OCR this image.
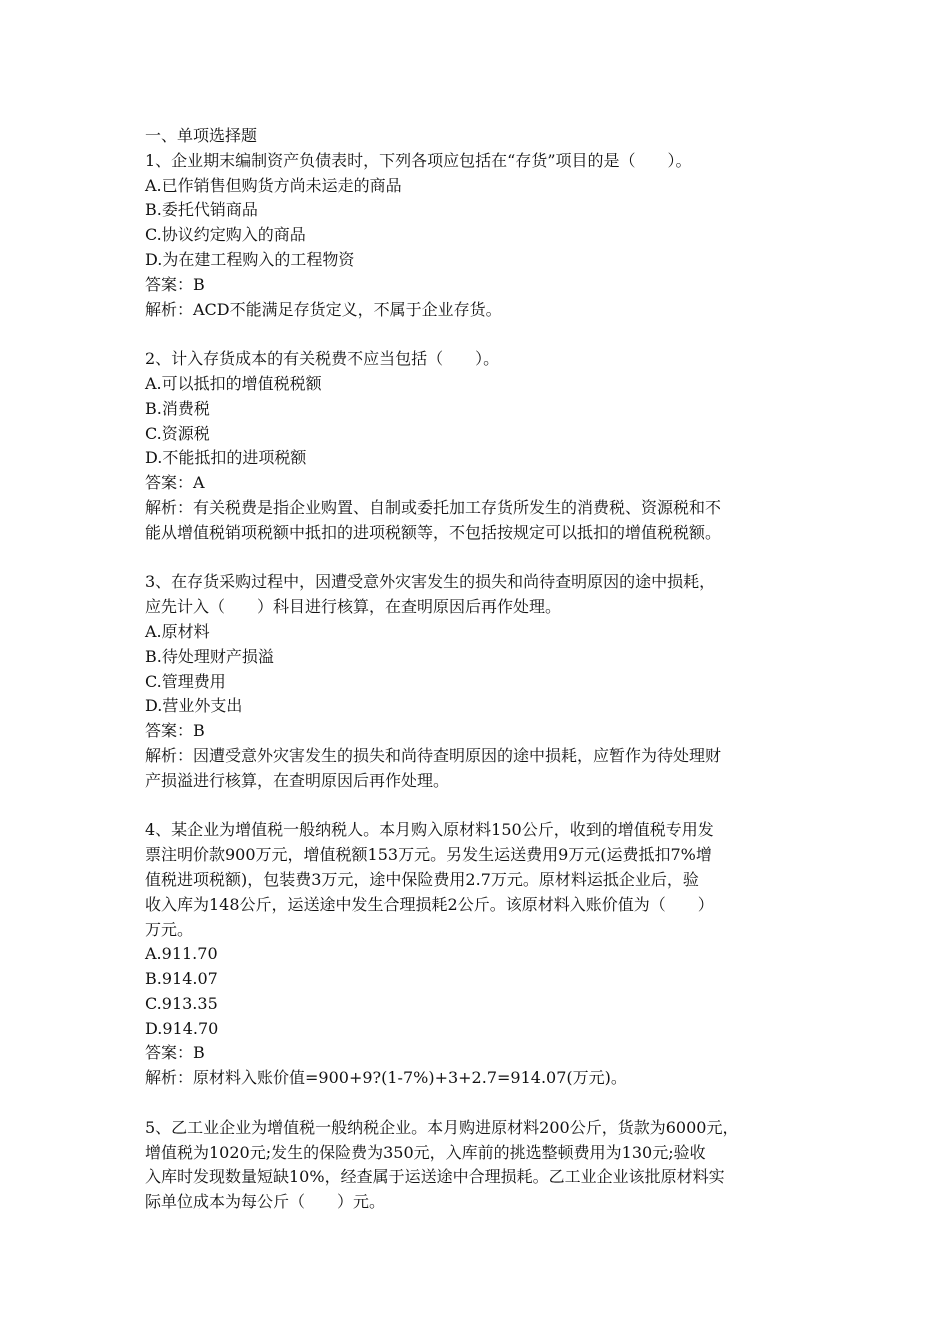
一、单项选择题
1、企业期末编制资产负债表时，下列各项应包括在“存货”项目的是（　　）。
A.已作销售但购货方尚未运走的商品
B.委托代销商品
C.协议约定购入的商品
D.为在建工程购入的工程物资
答案：B
解析：ACD不能满足存货定义，不属于企业存货。
2、计入存货成本的有关税费不应当包括（　　）。
A.可以抵扣的增值税税额
B.消费税
C.资源税
D.不能抵扣的进项税额
答案：A
解析：有关税费是指企业购置、自制或委托加工存货所发生的消费税、资源税和不
能从增值税销项税额中抵扣的进项税额等，不包括按规定可以抵扣的增值税税额。
3、在存货采购过程中，因遭受意外灾害发生的损失和尚待查明原因的途中损耗，
应先计入（　　）科目进行核算，在查明原因后再作处理。
A.原材料
B.待处理财产损溢
C.管理费用
D.营业外支出
答案：B
解析：因遭受意外灾害发生的损失和尚待查明原因的途中损耗，应暂作为待处理财
产损溢进行核算，在查明原因后再作处理。
4、某企业为增值税一般纳税人。本月购入原材料150公斤，收到的增值税专用发
票注明价款900万元，增值税额153万元。另发生运送费用9万元(运费抵扣7%增
值税进项税额)，包装费3万元，途中保险费用2.7万元。原材料运抵企业后，验
收入库为148公斤，运送途中发生合理损耗2公斤。该原材料入账价值为（　　）
万元。
A.911.70
B.914.07
C.913.35
D.914.70
答案：B
解析：原材料入账价值=900+9?(1-7%)+3+2.7=914.07(万元)。
5、乙工业企业为增值税一般纳税企业。本月购进原材料200公斤，货款为6000元，
增值税为1020元;发生的保险费为350元，入库前的挑选整顿费用为130元;验收
入库时发现数量短缺10%，经查属于运送途中合理损耗。乙工业企业该批原材料实
际单位成本为每公斤（　　）元。
